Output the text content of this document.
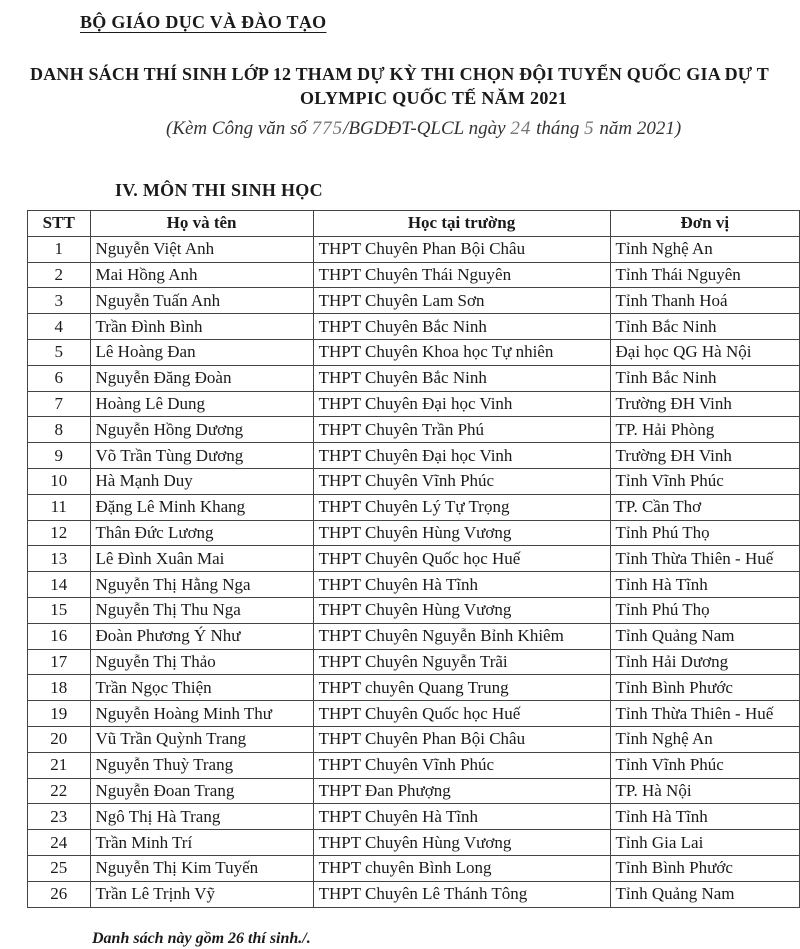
BỘ GIÁO DỤC VÀ ĐÀO TẠO
DANH SÁCH THÍ SINH LỚP 12 THAM DỰ KỲ THI CHỌN ĐỘI TUYỂN QUỐC GIA DỰ T
OLYMPIC QUỐC TẾ NĂM 2021
(Kèm Công văn số 775/BGDĐT-QLCL ngày 24 tháng 5 năm 2021)
IV. MÔN THI SINH HỌC
STT	Họ và tên	Học tại trường	Đơn vị
1	Nguyễn Việt Anh	THPT Chuyên Phan Bội Châu	Tỉnh Nghệ An
2	Mai Hồng Anh	THPT Chuyên Thái Nguyên	Tỉnh Thái Nguyên
3	Nguyễn Tuấn Anh	THPT Chuyên Lam Sơn	Tỉnh Thanh Hoá
4	Trần Đình Bình	THPT Chuyên Bắc Ninh	Tỉnh Bắc Ninh
5	Lê Hoàng Đan	THPT Chuyên Khoa học Tự nhiên	Đại học QG Hà Nội
6	Nguyễn Đăng Đoàn	THPT Chuyên Bắc Ninh	Tỉnh Bắc Ninh
7	Hoàng Lê Dung	THPT Chuyên Đại học Vinh	Trường ĐH Vinh
8	Nguyễn Hồng Dương	THPT Chuyên Trần Phú	TP. Hải Phòng
9	Võ Trần Tùng Dương	THPT Chuyên Đại học Vinh	Trường ĐH Vinh
10	Hà Mạnh Duy	THPT Chuyên Vĩnh Phúc	Tỉnh Vĩnh Phúc
11	Đặng Lê Minh Khang	THPT Chuyên Lý Tự Trọng	TP. Cần Thơ
12	Thân Đức Lương	THPT Chuyên Hùng Vương	Tỉnh Phú Thọ
13	Lê Đình Xuân Mai	THPT Chuyên Quốc học Huế	Tỉnh Thừa Thiên - Huế
14	Nguyễn Thị Hằng Nga	THPT Chuyên Hà Tĩnh	Tỉnh Hà Tĩnh
15	Nguyễn Thị Thu Nga	THPT Chuyên Hùng Vương	Tỉnh Phú Thọ
16	Đoàn Phương Ý Như	THPT Chuyên Nguyễn Bỉnh Khiêm	Tỉnh Quảng Nam
17	Nguyễn Thị Thảo	THPT Chuyên Nguyễn Trãi	Tỉnh Hải Dương
18	Trần Ngọc Thiện	THPT chuyên Quang Trung	Tỉnh Bình Phước
19	Nguyễn Hoàng Minh Thư	THPT Chuyên Quốc học Huế	Tỉnh Thừa Thiên - Huế
20	Vũ Trần Quỳnh Trang	THPT Chuyên Phan Bội Châu	Tỉnh Nghệ An
21	Nguyễn Thuỳ Trang	THPT Chuyên Vĩnh Phúc	Tỉnh Vĩnh Phúc
22	Nguyễn Đoan Trang	THPT Đan Phượng	TP. Hà Nội
23	Ngô Thị Hà Trang	THPT Chuyên Hà Tĩnh	Tỉnh Hà Tĩnh
24	Trần Minh Trí	THPT Chuyên Hùng Vương	Tỉnh Gia Lai
25	Nguyễn Thị Kim Tuyến	THPT chuyên Bình Long	Tỉnh Bình Phước
26	Trần Lê Trịnh Vỹ	THPT Chuyên Lê Thánh Tông	Tỉnh Quảng Nam
Danh sách này gồm 26 thí sinh./.
